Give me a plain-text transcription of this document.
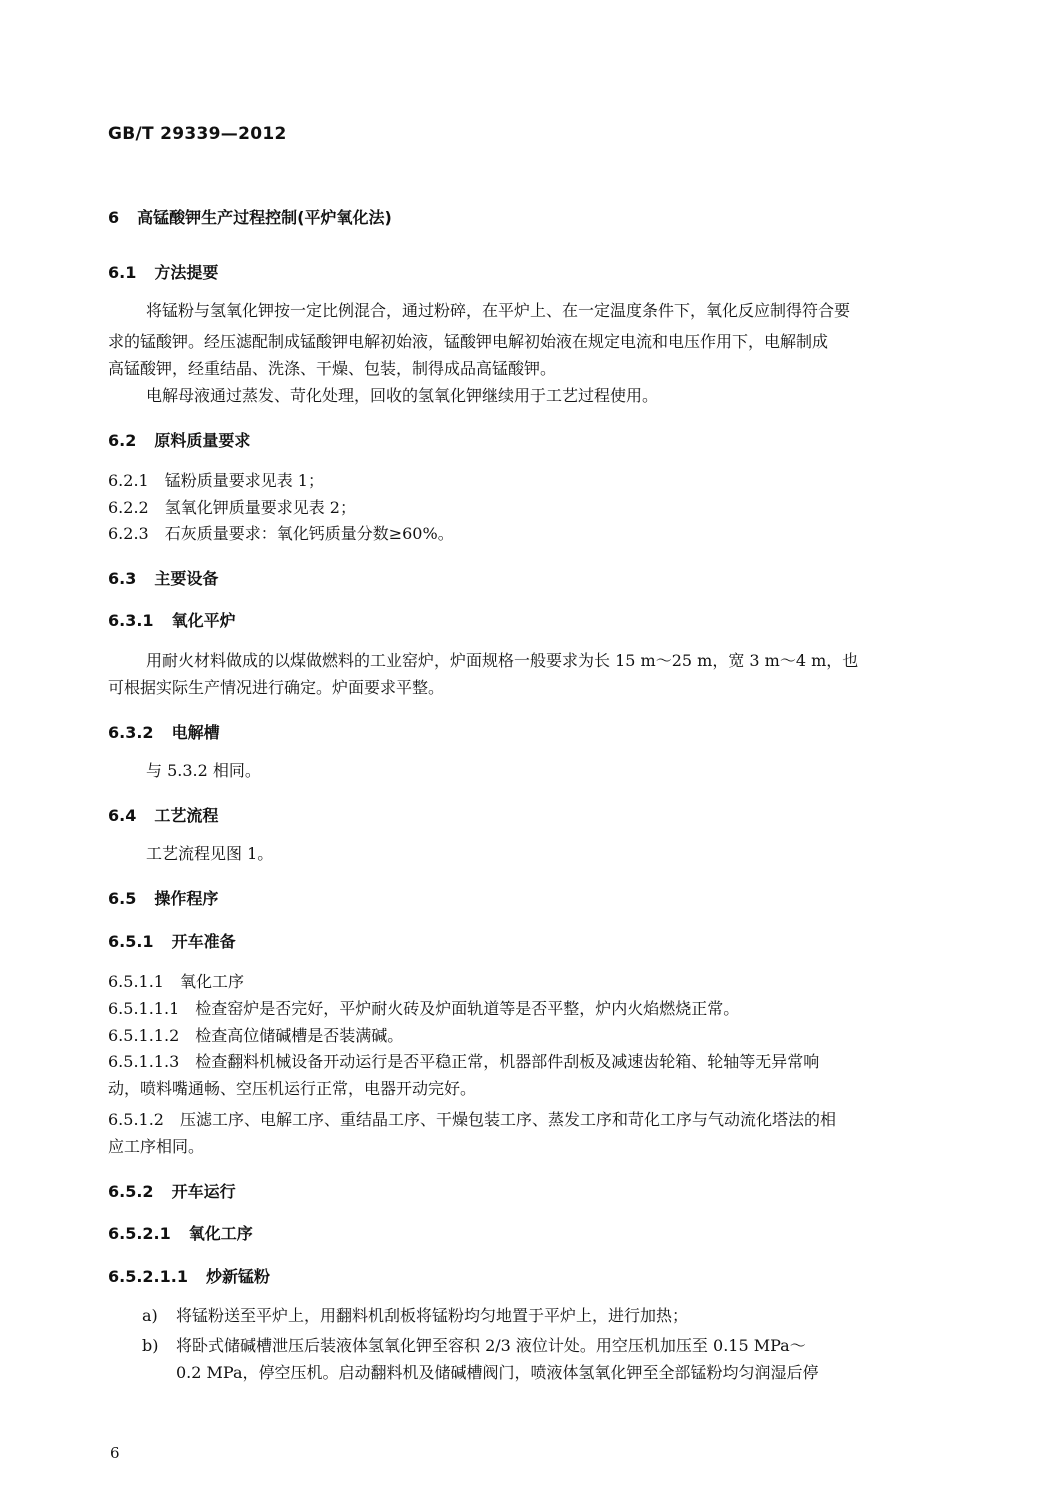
GB/T 29339—2012
6 高锰酸钾生产过程控制(平炉氧化法)
6.1 方法提要
将锰粉与氢氧化钾按一定比例混合，通过粉碎，在平炉上、在一定温度条件下，氧化反应制得符合要
求的锰酸钾。经压滤配制成锰酸钾电解初始液，锰酸钾电解初始液在规定电流和电压作用下，电解制成
高锰酸钾，经重结晶、洗涤、干燥、包装，制得成品高锰酸钾。
电解母液通过蒸发、苛化处理，回收的氢氧化钾继续用于工艺过程使用。
6.2 原料质量要求
6.2.1 锰粉质量要求见表 1；
6.2.2 氢氧化钾质量要求见表 2；
6.2.3 石灰质量要求：氧化钙质量分数≥60%。
6.3 主要设备
6.3.1 氧化平炉
用耐火材料做成的以煤做燃料的工业窑炉，炉面规格一般要求为长 15 m～25 m，宽 3 m～4 m，也
可根据实际生产情况进行确定。炉面要求平整。
6.3.2 电解槽
与 5.3.2 相同。
6.4 工艺流程
工艺流程见图 1。
6.5 操作程序
6.5.1 开车准备
6.5.1.1 氧化工序
6.5.1.1.1 检查窑炉是否完好，平炉耐火砖及炉面轨道等是否平整，炉内火焰燃烧正常。
6.5.1.1.2 检查高位储碱槽是否装满碱。
6.5.1.1.3 检查翻料机械设备开动运行是否平稳正常，机器部件刮板及减速齿轮箱、轮轴等无异常响
动，喷料嘴通畅、空压机运行正常，电器开动完好。
6.5.1.2 压滤工序、电解工序、重结晶工序、干燥包装工序、蒸发工序和苛化工序与气动流化塔法的相
应工序相同。
6.5.2 开车运行
6.5.2.1 氧化工序
6.5.2.1.1 炒新锰粉
a) 将锰粉送至平炉上，用翻料机刮板将锰粉均匀地置于平炉上，进行加热；
b) 将卧式储碱槽泄压后装液体氢氧化钾至容积 2/3 液位计处。用空压机加压至 0.15 MPa～
0.2 MPa，停空压机。启动翻料机及储碱槽阀门，喷液体氢氧化钾至全部锰粉均匀润湿后停
6
